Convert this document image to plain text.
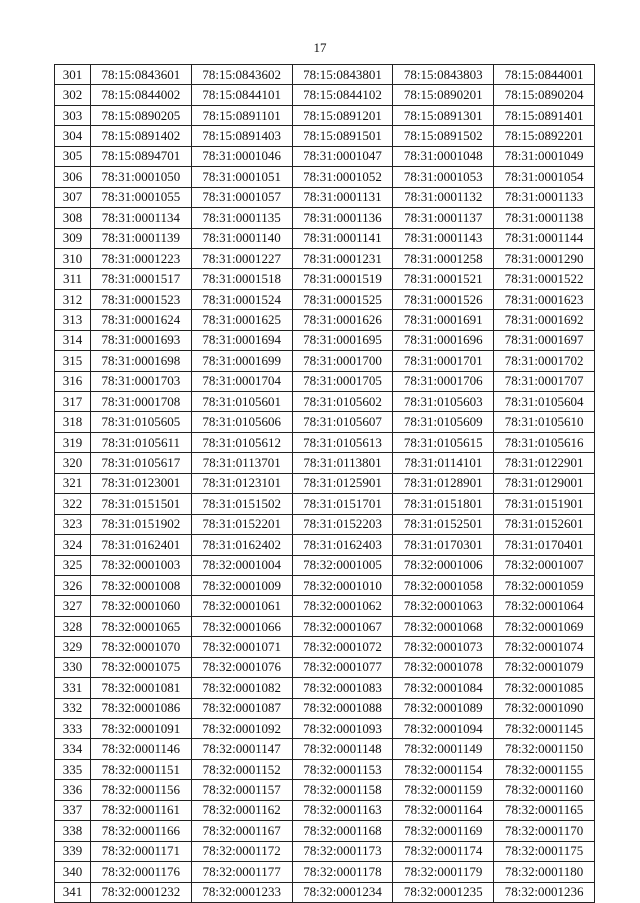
17
301	78:15:0843601	78:15:0843602	78:15:0843801	78:15:0843803	78:15:0844001
302	78:15:0844002	78:15:0844101	78:15:0844102	78:15:0890201	78:15:0890204
303	78:15:0890205	78:15:0891101	78:15:0891201	78:15:0891301	78:15:0891401
304	78:15:0891402	78:15:0891403	78:15:0891501	78:15:0891502	78:15:0892201
305	78:15:0894701	78:31:0001046	78:31:0001047	78:31:0001048	78:31:0001049
306	78:31:0001050	78:31:0001051	78:31:0001052	78:31:0001053	78:31:0001054
307	78:31:0001055	78:31:0001057	78:31:0001131	78:31:0001132	78:31:0001133
308	78:31:0001134	78:31:0001135	78:31:0001136	78:31:0001137	78:31:0001138
309	78:31:0001139	78:31:0001140	78:31:0001141	78:31:0001143	78:31:0001144
310	78:31:0001223	78:31:0001227	78:31:0001231	78:31:0001258	78:31:0001290
311	78:31:0001517	78:31:0001518	78:31:0001519	78:31:0001521	78:31:0001522
312	78:31:0001523	78:31:0001524	78:31:0001525	78:31:0001526	78:31:0001623
313	78:31:0001624	78:31:0001625	78:31:0001626	78:31:0001691	78:31:0001692
314	78:31:0001693	78:31:0001694	78:31:0001695	78:31:0001696	78:31:0001697
315	78:31:0001698	78:31:0001699	78:31:0001700	78:31:0001701	78:31:0001702
316	78:31:0001703	78:31:0001704	78:31:0001705	78:31:0001706	78:31:0001707
317	78:31:0001708	78:31:0105601	78:31:0105602	78:31:0105603	78:31:0105604
318	78:31:0105605	78:31:0105606	78:31:0105607	78:31:0105609	78:31:0105610
319	78:31:0105611	78:31:0105612	78:31:0105613	78:31:0105615	78:31:0105616
320	78:31:0105617	78:31:0113701	78:31:0113801	78:31:0114101	78:31:0122901
321	78:31:0123001	78:31:0123101	78:31:0125901	78:31:0128901	78:31:0129001
322	78:31:0151501	78:31:0151502	78:31:0151701	78:31:0151801	78:31:0151901
323	78:31:0151902	78:31:0152201	78:31:0152203	78:31:0152501	78:31:0152601
324	78:31:0162401	78:31:0162402	78:31:0162403	78:31:0170301	78:31:0170401
325	78:32:0001003	78:32:0001004	78:32:0001005	78:32:0001006	78:32:0001007
326	78:32:0001008	78:32:0001009	78:32:0001010	78:32:0001058	78:32:0001059
327	78:32:0001060	78:32:0001061	78:32:0001062	78:32:0001063	78:32:0001064
328	78:32:0001065	78:32:0001066	78:32:0001067	78:32:0001068	78:32:0001069
329	78:32:0001070	78:32:0001071	78:32:0001072	78:32:0001073	78:32:0001074
330	78:32:0001075	78:32:0001076	78:32:0001077	78:32:0001078	78:32:0001079
331	78:32:0001081	78:32:0001082	78:32:0001083	78:32:0001084	78:32:0001085
332	78:32:0001086	78:32:0001087	78:32:0001088	78:32:0001089	78:32:0001090
333	78:32:0001091	78:32:0001092	78:32:0001093	78:32:0001094	78:32:0001145
334	78:32:0001146	78:32:0001147	78:32:0001148	78:32:0001149	78:32:0001150
335	78:32:0001151	78:32:0001152	78:32:0001153	78:32:0001154	78:32:0001155
336	78:32:0001156	78:32:0001157	78:32:0001158	78:32:0001159	78:32:0001160
337	78:32:0001161	78:32:0001162	78:32:0001163	78:32:0001164	78:32:0001165
338	78:32:0001166	78:32:0001167	78:32:0001168	78:32:0001169	78:32:0001170
339	78:32:0001171	78:32:0001172	78:32:0001173	78:32:0001174	78:32:0001175
340	78:32:0001176	78:32:0001177	78:32:0001178	78:32:0001179	78:32:0001180
341	78:32:0001232	78:32:0001233	78:32:0001234	78:32:0001235	78:32:0001236
